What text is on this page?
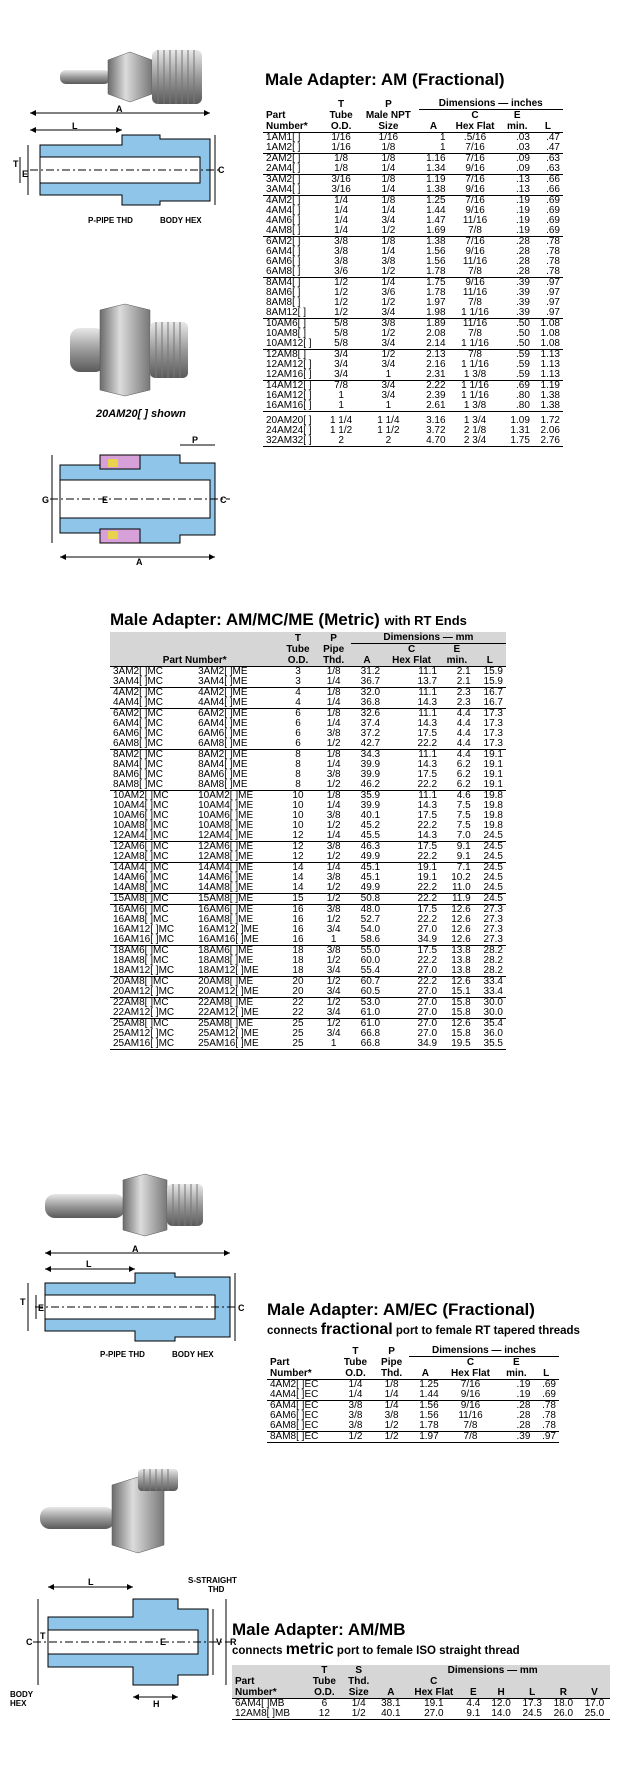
A
L
C
T
E
P-PIPE THD	BODY HEX
20AM20[ ] shown
A
C
G	E
P
Male Adapter: AM (Fractional)
	T	P	Dimensions — inches			
Part	Tube	Male NPT		C	E	
Number*	O.D.	Size	A	Hex Flat	min.	L
1AM1[ ]	1/16	1/16	1	.5/16	.03	.47
1AM2[ ]	1/16	1/8	1	7/16	.03	.47
2AM2[ ]	1/8	1/8	1.16	7/16	.09	.63
2AM4[ ]	1/8	1/4	1.34	9/16	.09	.63
3AM2[ ]	3/16	1/8	1.19	7/16	.13	.66
3AM4[ ]	3/16	1/4	1.38	9/16	.13	.66
4AM2[ ]	1/4	1/8	1.25	7/16	.19	.69
4AM4[ ]	1/4	1/4	1.44	9/16	.19	.69
4AM6[ ]	1/4	3/4	1.47	11/16	.19	.69
4AM8[ ]	1/4	1/2	1.69	7/8	.19	.69
6AM2[ ]	3/8	1/8	1.38	7/16	.28	.78
6AM4[ ]	3/8	1/4	1.56	9/16	.28	.78
6AM6[ ]	3/8	3/8	1.56	11/16	.28	.78
6AM8[ ]	3/6	1/2	1.78	7/8	.28	.78
8AM4[ ]	1/2	1/4	1.75	9/16	.39	.97
8AM6[ ]	1/2	3/6	1.78	11/16	.39	.97
8AM8[ ]	1/2	1/2	1.97	7/8	.39	.97
8AM12[ ]	1/2	3/4	1.98	1 1/16	.39	.97
10AM6[ ]	5/8	3/8	1.89	11/16	.50	1.08
10AM8[ ]	5/8	1/2	2.08	7/8	.50	1.08
10AM12[ ]	5/8	3/4	2.14	1 1/16	.50	1.08
12AM8[ ]	3/4	1/2	2.13	7/8	.59	1.13
12AM12[ ]	3/4	3/4	2.16	1 1/16	.59	1.13
12AM16[ ]	3/4	1	2.31	1 3/8	.59	1.13
14AM12[ ]	7/8	3/4	2.22	1 1/16	.69	1.19
16AM12[ ]	1	3/4	2.39	1 1/16	.80	1.38
16AM16[ ]	1	1	2.61	1 3/8	.80	1.38
20AM20[ ]	1 1/4	1 1/4	3.16	1 3/4	1.09	1.72
24AM24[ ]	1 1/2	1 1/2	3.72	2 1/8	1.31	2.06
32AM32[ ]	2	2	4.70	2 3/4	1.75	2.76
Male Adapter: AM/MC/ME (Metric) with RT Ends
		T	P	Dimensions — mm			
		Tube	Pipe		C	E	
Part Number*		O.D.	Thd.	A	Hex Flat	min.	L
3AM2[ ]MC	3AM2[ ]ME	3	1/8	31.2	11.1	2.1	15.9
3AM4[ ]MC	3AM4[ ]ME	3	1/4	36.7	13.7	2.1	15.9
4AM2[ ]MC	4AM2[ ]ME	4	1/8	32.0	11.1	2.3	16.7
4AM4[ ]MC	4AM4[ ]ME	4	1/4	36.8	14.3	2.3	16.7
6AM2[ ]MC	6AM2[ ]ME	6	1/8	32.6	11.1	4.4	17.3
6AM4[ ]MC	6AM4[ ]ME	6	1/4	37.4	14.3	4.4	17.3
6AM6[ ]MC	6AM6[ ]ME	6	3/8	37.2	17.5	4.4	17.3
6AM8[ ]MC	6AM8[ ]ME	6	1/2	42.7	22.2	4.4	17.3
8AM2[ ]MC	8AM2[ ]ME	8	1/8	34.3	11.1	4.4	19.1
8AM4[ ]MC	8AM4[ ]ME	8	1/4	39.9	14.3	6.2	19.1
8AM6[ ]MC	8AM6[ ]ME	8	3/8	39.9	17.5	6.2	19.1
8AM8[ ]MC	8AM8[ ]ME	8	1/2	46.2	22.2	6.2	19.1
10AM2[ ]MC	10AM2[ ]ME	10	1/8	35.9	11.1	4.6	19.8
10AM4[ ]MC	10AM4[ ]ME	10	1/4	39.9	14.3	7.5	19.8
10AM6[ ]MC	10AM6[ ]ME	10	3/8	40.1	17.5	7.5	19.8
10AM8[ ]MC	10AM8[ ]ME	10	1/2	45.2	22.2	7.5	19.8
12AM4[ ]MC	12AM4[ ]ME	12	1/4	45.5	14.3	7.0	24.5
12AM6[ ]MC	12AM6[ ]ME	12	3/8	46.3	17.5	9.1	24.5
12AM8[ ]MC	12AM8[ ]ME	12	1/2	49.9	22.2	9.1	24.5
14AM4[ ]MC	14AM4[ ]ME	14	1/4	45.1	19.1	7.1	24.5
14AM6[ ]MC	14AM6[ ]ME	14	3/8	45.1	19.1	10.2	24.5
14AM8[ ]MC	14AM8[ ]ME	14	1/2	49.9	22.2	11.0	24.5
15AM8[ ]MC	15AM8[ ]ME	15	1/2	50.8	22.2	11.9	24.5
16AM6[ ]MC	16AM6[ ]ME	16	3/8	48.0	17.5	12.6	27.3
16AM8[ ]MC	16AM8[ ]ME	16	1/2	52.7	22.2	12.6	27.3
16AM12[ ]MC	16AM12[ ]ME	16	3/4	54.0	27.0	12.6	27.3
16AM16[ ]MC	16AM16[ ]ME	16	1	58.6	34.9	12.6	27.3
18AM6[ ]MC	18AM6[ ]ME	18	3/8	55.0	17.5	13.8	28.2
18AM8[ ]MC	18AM8[ ]ME	18	1/2	60.0	22.2	13.8	28.2
18AM12[ ]MC	18AM12[ ]ME	18	3/4	55.4	27.0	13.8	28.2
20AM8[ ]MC	20AM8[ ]ME	20	1/2	60.7	22.2	12.6	33.4
20AM12[ ]MC	20AM12[ ]ME	20	3/4	60.5	27.0	15.1	33.4
22AM8[ ]MC	22AM8[ ]ME	22	1/2	53.0	27.0	15.8	30.0
22AM12[ ]MC	22AM12[ ]ME	22	3/4	61.0	27.0	15.8	30.0
25AM8[ ]MC	25AM8[ ]ME	25	1/2	61.0	27.0	12.6	35.4
25AM12[ ]MC	25AM12[ ]ME	25	3/4	66.8	27.0	15.8	36.0
25AM16[ ]MC	25AM16[ ]ME	25	1	66.8	34.9	19.5	35.5
A
L
C
T
E
P-PIPE THD	BODY HEX
Male Adapter: AM/EC (Fractional)
connects fractional port to female RT tapered threads
	T	P	Dimensions — inches			
Part	Tube	Pipe		C	E	
Number*	O.D.	Thd.	A	Hex Flat	min.	L
4AM2[ ]EC	1/4	1/8	1.25	7/16	.19	.69
4AM4[ ]EC	1/4	1/4	1.44	9/16	.19	.69
6AM4[ ]EC	3/8	1/4	1.56	9/16	.28	.78
6AM6[ ]EC	3/8	3/8	1.56	11/16	.28	.78
6AM8[ ]EC	3/8	1/2	1.78	7/8	.28	.78
8AM8[ ]EC	1/2	1/2	1.97	7/8	.39	.97
L
C
T
E	V R
H
S-STRAIGHT
THD
BODY
HEX
Male Adapter: AM/MB
connects metric port to female ISO straight thread
	T	S	Dimensions — mm						
Part	Tube	Thd.		C					
Number*	O.D.	Size	A	Hex Flat	E	H	L	R	V
6AM4[ ]MB	6	1/4	38.1	19.1	4.4	12.0	17.3	18.0	17.0
12AM8[ ]MB	12	1/2	40.1	27.0	9.1	14.0	24.5	26.0	25.0
